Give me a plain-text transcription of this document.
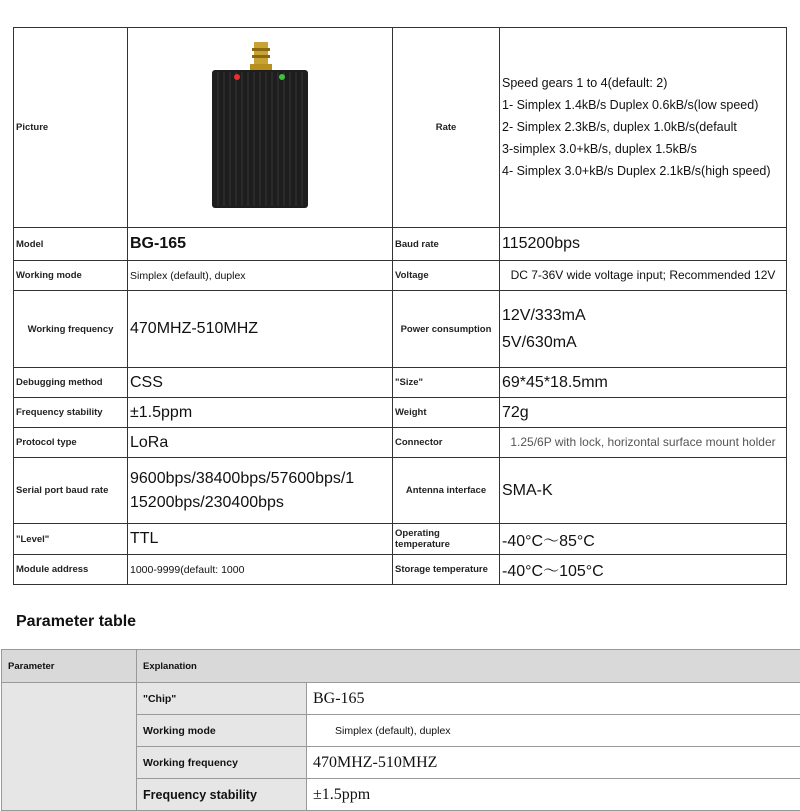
Picture		Rate	Speed gears 1 to 4(default: 2)

1- Simplex 1.4kB/s Duplex 0.6kB/s(low speed)

2- Simplex 2.3kB/s, duplex 1.0kB/s(default

3-simplex 3.0+kB/s, duplex 1.5kB/s

4- Simplex 3.0+kB/s Duplex 2.1kB/s(high speed)

Model	BG-165	Baud rate	115200bps
Working mode	Simplex (default), duplex	Voltage	DC 7-36V wide voltage input; Recommended 12V
Working frequency	470MHZ-510MHZ	Power consumption	12V/333mA
5V/630mA

Debugging method	CSS	"Size"	69*45*18.5mm
Frequency stability	±1.5ppm	Weight	72g
Protocol type	LoRa	Connector	1.25/6P with lock, horizontal surface mount holder
Serial port baud rate	9600bps/38400bps/57600bps/1
15200bps/230400bps	Antenna interface	SMA-K
"Level"	TTL	Operating temperature	-40°C～85°C
Module address	1000-9999(default: 1000	Storage temperature	-40°C～105°C
Parameter table
Parameter	Explanation	
	"Chip"	BG-165
	Working mode	Simplex (default), duplex
	Working frequency	470MHZ-510MHZ
	Frequency stability	±1.5ppm
